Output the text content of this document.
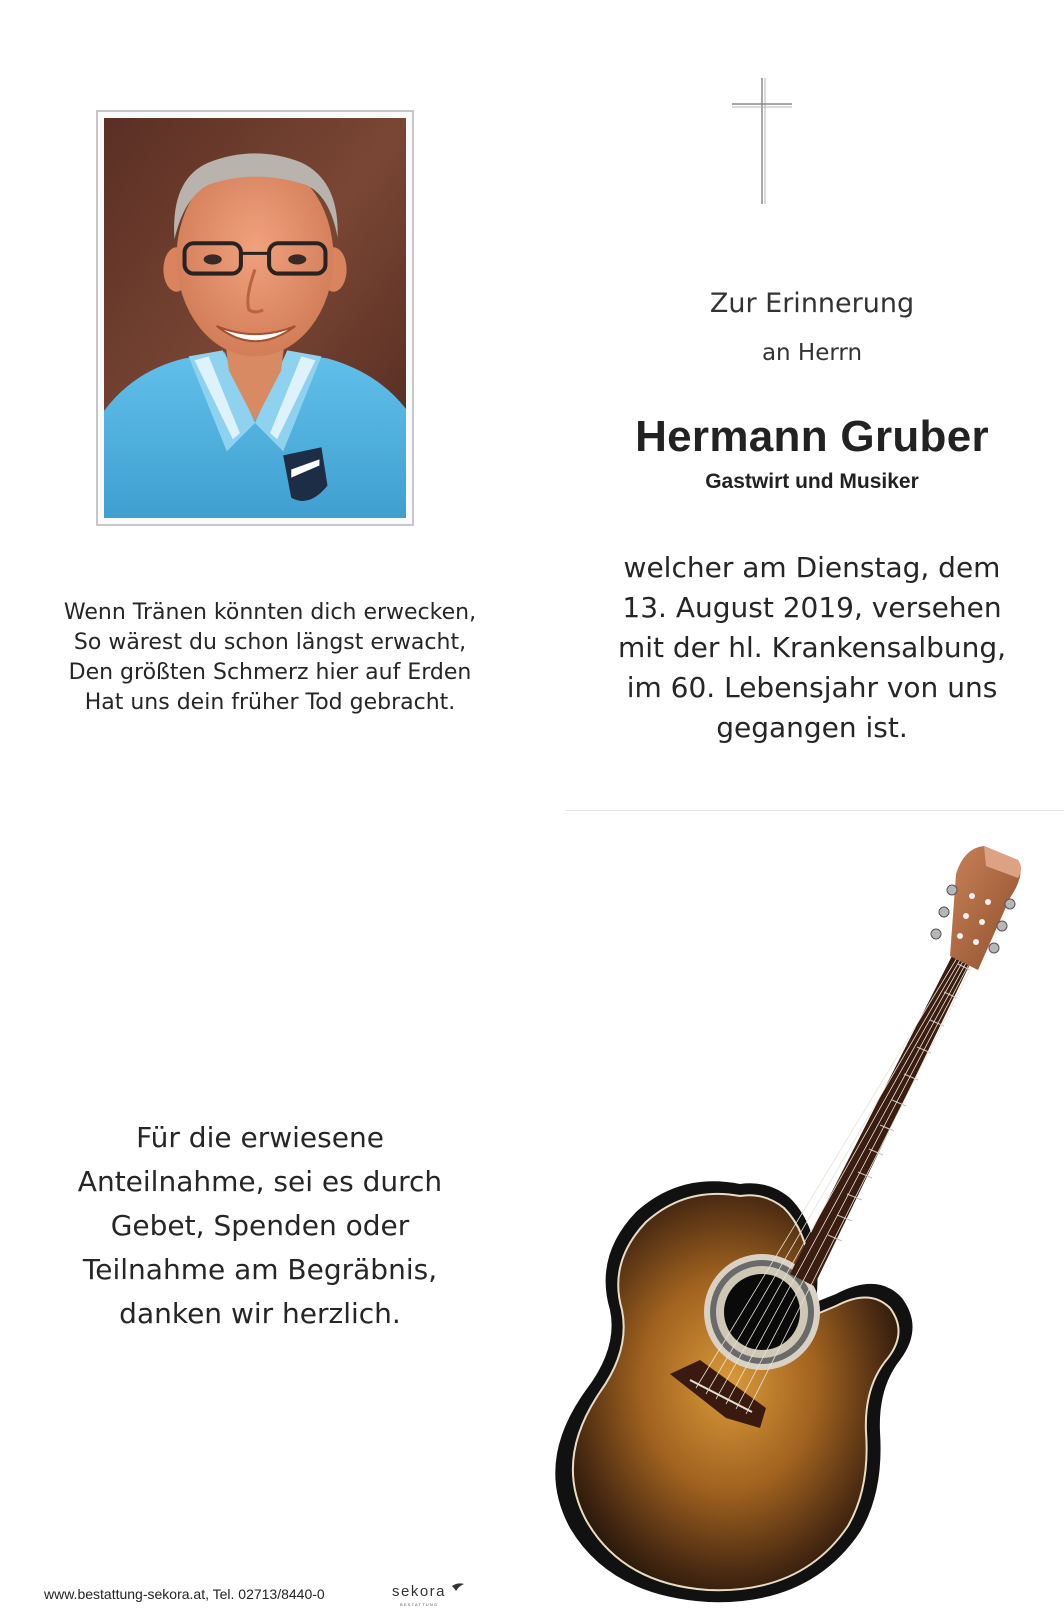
Wenn Tränen könnten dich erwecken,
So wärest du schon längst erwacht,
Den größten Schmerz hier auf Erden
Hat uns dein früher Tod gebracht.
Zur Erinnerung
an Herrn
Hermann Gruber
Gastwirt und Musiker
welcher am Dienstag, dem
13. August 2019, versehen
mit der hl. Krankensalbung,
im 60. Lebensjahr von uns
gegangen ist.
Für die erwiesene
Anteilnahme, sei es durch
Gebet, Spenden oder
Teilnahme am Begräbnis,
danken wir herzlich.
www.bestattung-sekora.at, Tel. 02713/8440-0	sekora
BESTATTUNG
